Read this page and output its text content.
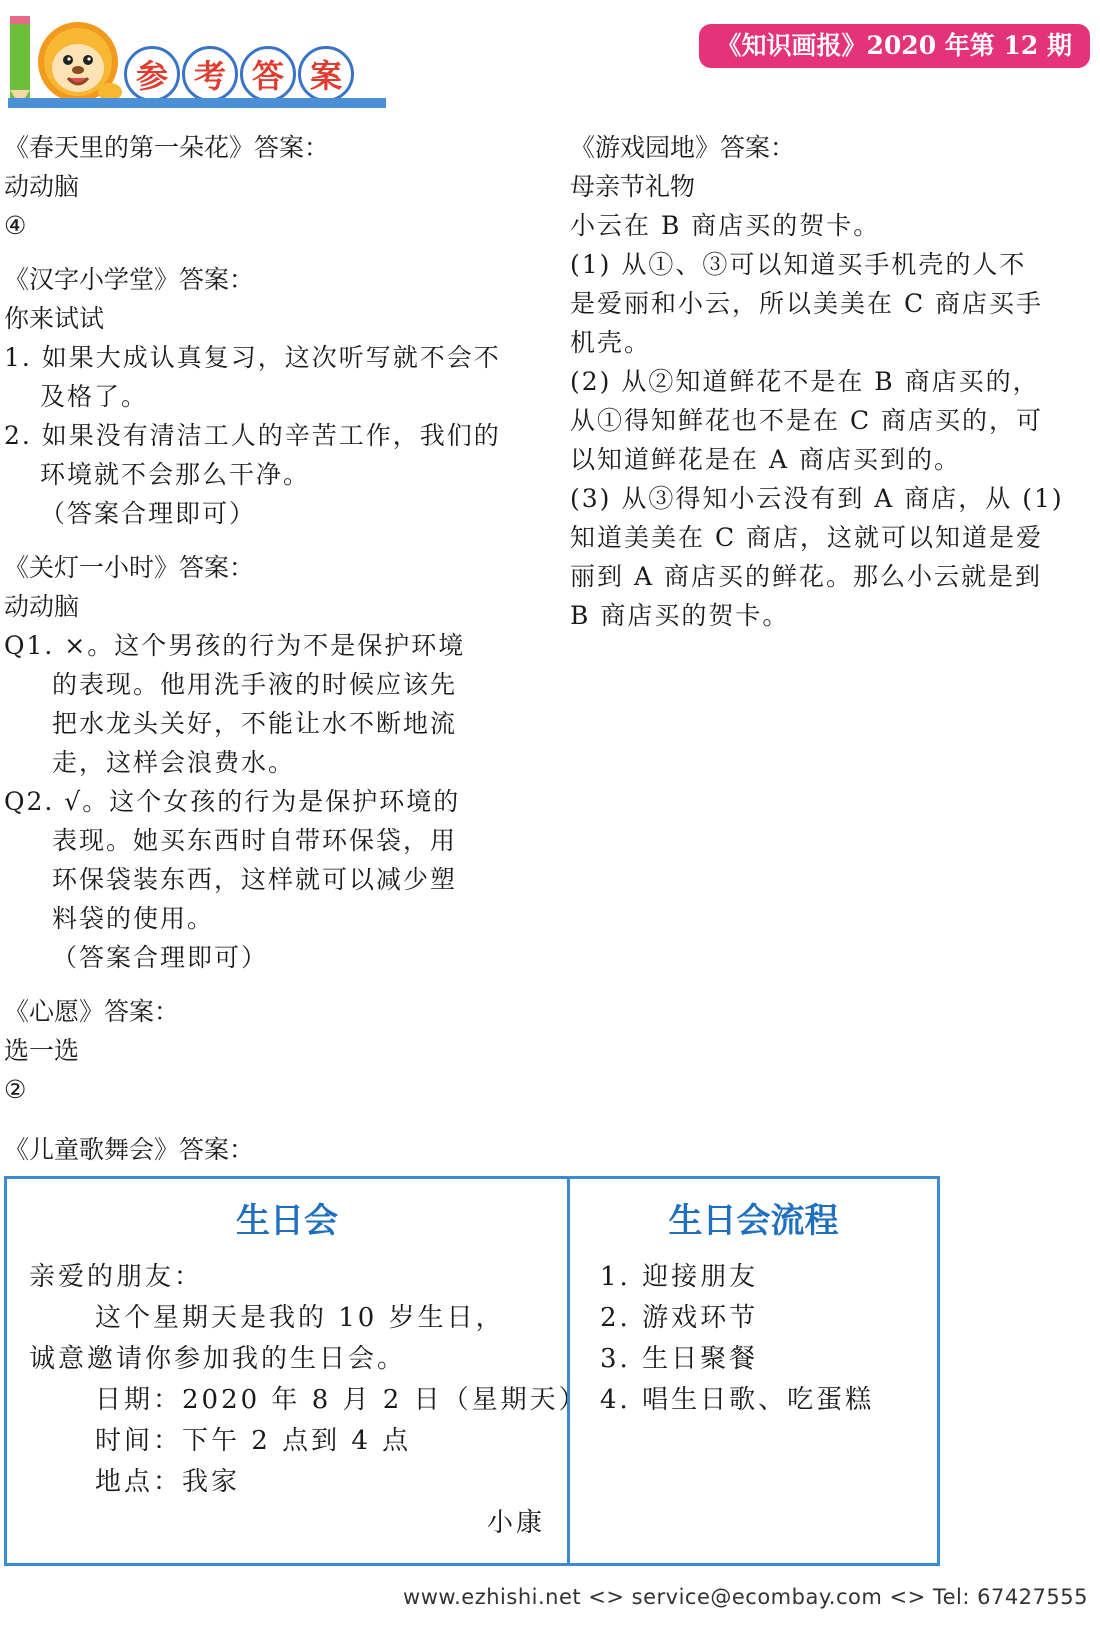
参 考 答 案
《知识画报》2020 年第 12 期
《春天里的第一朵花》答案：
动动脑
④
《汉字小学堂》答案：
你来试试
1. 如果大成认真复习，这次听写就不会不
及格了。
2. 如果没有清洁工人的辛苦工作，我们的
环境就不会那么干净。
（答案合理即可）
《关灯一小时》答案：
动动脑
Q1. ×。这个男孩的行为不是保护环境
的表现。他用洗手液的时候应该先
把水龙头关好，不能让水不断地流
走，这样会浪费水。
Q2. √。这个女孩的行为是保护环境的
表现。她买东西时自带环保袋，用
环保袋装东西，这样就可以减少塑
料袋的使用。
（答案合理即可）
《心愿》答案：
选一选
②
《游戏园地》答案：
母亲节礼物
小云在 B 商店买的贺卡。
(1) 从①、③可以知道买手机壳的人不
是爱丽和小云，所以美美在 C 商店买手
机壳。
(2) 从②知道鲜花不是在 B 商店买的，
从①得知鲜花也不是在 C 商店买的，可
以知道鲜花是在 A 商店买到的。
(3) 从③得知小云没有到 A 商店，从 (1)
知道美美在 C 商店，这就可以知道是爱
丽到 A 商店买的鲜花。那么小云就是到
B 商店买的贺卡。
《儿童歌舞会》答案：
生日会
亲爱的朋友：
这个星期天是我的 10 岁生日，
诚意邀请你参加我的生日会。
日期：2020 年 8 月 2 日（星期天）
时间：下午 2 点到 4 点
地点：我家
小康
生日会流程
1. 迎接朋友
2. 游戏环节
3. 生日聚餐
4. 唱生日歌、吃蛋糕
www.ezhishi.net <> service@ecombay.com <> Tel: 67427555
